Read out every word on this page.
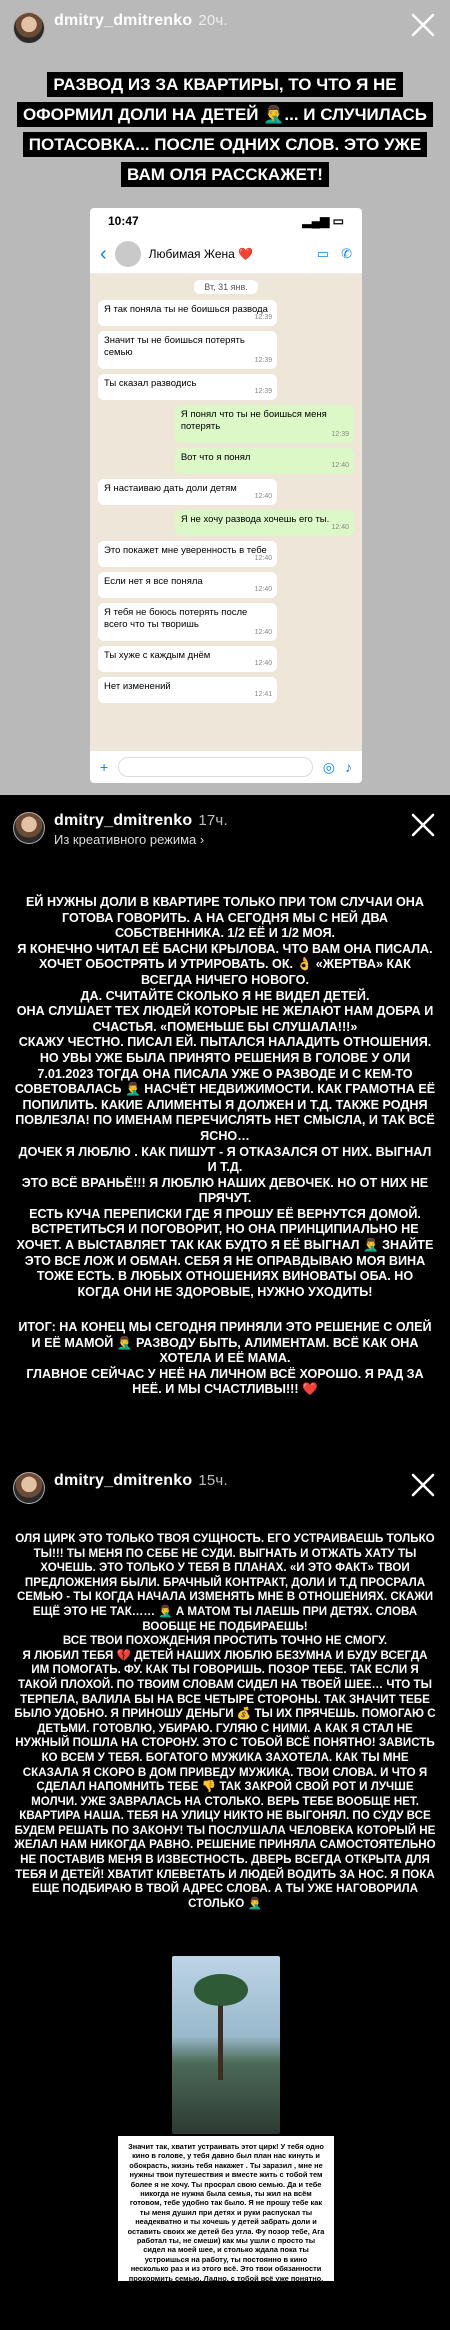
dmitry_dmitrenko 20ч.
РАЗВОД ИЗ ЗА КВАРТИРЫ, ТО ЧТО Я НЕ ОФОРМИЛ ДОЛИ НА ДЕТЕЙ 🤦‍♂️... И СЛУЧИЛАСЬ ПОТАСОВКА... ПОСЛЕ ОДНИХ СЛОВ. ЭТО УЖЕ ВАМ ОЛЯ РАССКАЖЕТ!
10:47	▂▄▆ ▭
‹	Любимая Жена ❤️	▭ ✆
Вт, 31 янв.
Я так поняла ты не боишься развода
12:39
Значит ты не боишься потерять семью
12:39
Ты сказал разводись
12:39
Я понял что ты не боишься меня потерять
12:39
Вот что я понял
12:40
Я настаиваю дать доли детям
12:40
Я не хочу развода хочешь его ты.
12:40
Это покажет мне уверенность в тебе
12:40
Если нет я все поняла
12:40
Я тебя не боюсь потерять после всего что ты творишь
12:40
Ты хуже с каждым днём
12:40
Нет изменений
12:41
+	◎ ♪
dmitry_dmitrenko 17ч.
Из креативного режима ›
ЕЙ НУЖНЫ ДОЛИ В КВАРТИРЕ ТОЛЬКО ПРИ ТОМ СЛУЧАИ ОНА ГОТОВА ГОВОРИТЬ. А НА СЕГОДНЯ МЫ С НЕЙ ДВА СОБСТВЕННИКА. 1/2 ЕЁ И 1/2 МОЯ.
Я КОНЕЧНО ЧИТАЛ ЕЁ БАСНИ КРЫЛОВА. ЧТО ВАМ ОНА ПИСАЛА. ХОЧЕТ ОБОСТРЯТЬ И УТРИРОВАТЬ. ОК. 👌 «ЖЕРТВА» КАК ВСЕГДА НИЧЕГО НОВОГО.
ДА. СЧИТАЙТЕ СКОЛЬКО Я НЕ ВИДЕЛ ДЕТЕЙ.
ОНА СЛУШАЕТ ТЕХ ЛЮДЕЙ КОТОРЫЕ НЕ ЖЕЛАЮТ НАМ ДОБРА И СЧАСТЬЯ. «ПОМЕНЬШЕ БЫ СЛУШАЛА!!!»
СКАЖУ ЧЕСТНО. ПИСАЛ ЕЙ. ПЫТАЛСЯ НАЛАДИТЬ ОТНОШЕНИЯ. НО УВЫ УЖЕ БЫЛА ПРИНЯТО РЕШЕНИЯ В ГОЛОВЕ У ОЛИ 7.01.2023 ТОГДА ОНА ПИСАЛА УЖЕ О РАЗВОДЕ И С КЕМ-ТО СОВЕТОВАЛАСЬ 🤦‍♂️ НАСЧЁТ НЕДВИЖИМОСТИ. КАК ГРАМОТНА ЕЁ ПОПИЛИТЬ. КАКИЕ АЛИМЕНТЫ Я ДОЛЖЕН И Т.Д. ТАКЖЕ РОДНЯ ПОВЛЕЗЛА! ПО ИМЕНАМ ПЕРЕЧИСЛЯТЬ НЕТ СМЫСЛА, И ТАК ВСЁ ЯСНО…
ДОЧЕК Я ЛЮБЛЮ . КАК ПИШУТ - Я ОТКАЗАЛСЯ ОТ НИХ. ВЫГНАЛ И Т.Д.
ЭТО ВСЁ ВРАНЬЁ!!! Я ЛЮБЛЮ НАШИХ ДЕВОЧЕК. НО ОТ НИХ НЕ ПРЯЧУТ.
ЕСТЬ КУЧА ПЕРЕПИСКИ ГДЕ Я ПРОШУ ЕЁ ВЕРНУТСЯ ДОМОЙ. ВСТРЕТИТЬСЯ И ПОГОВОРИТ, НО ОНА ПРИНЦИПИАЛЬНО НЕ ХОЧЕТ. А ВЫСТАВЛЯЕТ ТАК КАК БУДТО Я ЕЁ ВЫГНАЛ 🤦‍♂️ ЗНАЙТЕ ЭТО ВСЕ ЛОЖ И ОБМАН. СЕБЯ Я НЕ ОПРАВДЫВАЮ МОЯ ВИНА ТОЖЕ ЕСТЬ. В ЛЮБЫХ ОТНОШЕНИЯХ ВИНОВАТЫ ОБА. НО КОГДА ОНИ НЕ ЗДОРОВЫЕ, НУЖНО УХОДИТЬ!
ИТОГ: НА КОНЕЦ МЫ СЕГОДНЯ ПРИНЯЛИ ЭТО РЕШЕНИЕ С ОЛЕЙ И ЕЁ МАМОЙ 🤦‍♂️ РАЗВОДУ БЫТЬ, АЛИМЕНТАМ. ВСЁ КАК ОНА ХОТЕЛА И ЕЁ МАМА.
ГЛАВНОЕ СЕЙЧАС У НЕЁ НА ЛИЧНОМ ВСЁ ХОРОШО. Я РАД ЗА НЕЁ. И МЫ СЧАСТЛИВЫ!!! ❤️
dmitry_dmitrenko 15ч.
ОЛЯ ЦИРК ЭТО ТОЛЬКО ТВОЯ СУЩНОСТЬ. ЕГО УСТРАИВАЕШЬ ТОЛЬКО ТЫ!!! ТЫ МЕНЯ ПО СЕБЕ НЕ СУДИ. ВЫГНАТЬ И ОТЖАТЬ ХАТУ ТЫ ХОЧЕШЬ. ЭТО ТОЛЬКО У ТЕБЯ В ПЛАНАХ. «И ЭТО ФАКТ» ТВОИ ПРЕДЛОЖЕНИЯ БЫЛИ. БРАЧНЫЙ КОНТРАКТ, ДОЛИ И Т.Д ПРОСРАЛА СЕМЬЮ - ТЫ КОГДА НАЧАЛА ИЗМЕНЯТЬ МНЕ В ОТНОШЕНИЯХ. СКАЖИ ЕЩЁ ЭТО НЕ ТАК…… 🤦‍♂️ А МАТОМ ТЫ ЛАЕШЬ ПРИ ДЕТЯХ. СЛОВА ВООБЩЕ НЕ ПОДБИРАЕШЬ!
ВСЕ ТВОИ ПОХОЖДЕНИЯ ПРОСТИТЬ ТОЧНО НЕ СМОГУ.
Я ЛЮБИЛ ТЕБЯ 💔 ДЕТЕЙ НАШИХ ЛЮБЛЮ БЕЗУМНА И БУДУ ВСЕГДА ИМ ПОМОГАТЬ. ФУ. КАК ТЫ ГОВОРИШЬ. ПОЗОР ТЕБЕ. ТАК ЕСЛИ Я ТАКОЙ ПЛОХОЙ. ПО ТВОИМ СЛОВАМ СИДЕЛ НА ТВОЕЙ ШЕЕ… ЧТО ТЫ ТЕРПЕЛА, ВАЛИЛА БЫ НА ВСЕ ЧЕТЫРЕ СТОРОНЫ. ТАК ЗНАЧИТ ТЕБЕ БЫЛО УДОБНО. Я ПРИНОШУ ДЕНЬГИ 💰 ТЫ ИХ ПРЯЧЕШЬ. ПОМОГАЮ С ДЕТЬМИ. ГОТОВЛЮ, УБИРАЮ. ГУЛЯЮ С НИМИ. А КАК Я СТАЛ НЕ НУЖНЫЙ ПОШЛА НА СТОРОНУ. ЭТО С ТОБОЙ ВСЁ ПОНЯТНО! ЗАВИСТЬ КО ВСЕМ У ТЕБЯ. БОГАТОГО МУЖИКА ЗАХОТЕЛА. КАК ТЫ МНЕ СКАЗАЛА Я СКОРО В ДОМ ПРИВЕДУ МУЖИКА. ТВОИ СЛОВА. И ЧТО Я СДЕЛАЛ НАПОМНИТЬ ТЕБЕ 👎 ТАК ЗАКРОЙ СВОЙ РОТ И ЛУЧШЕ МОЛЧИ. УЖЕ ЗАВРАЛАСЬ НА СТОЛЬКО. ВЕРЬ ТЕБЕ ВООБЩЕ НЕТ. КВАРТИРА НАША. ТЕБЯ НА УЛИЦУ НИКТО НЕ ВЫГОНЯЛ. ПО СУДУ ВСЕ БУДЕМ РЕШАТЬ ПО ЗАКОНУ! ТЫ ПОСЛУШАЛА ЧЕЛОВЕКА КОТОРЫЙ НЕ ЖЕЛАЛ НАМ НИКОГДА РАВНО. РЕШЕНИЕ ПРИНЯЛА САМОСТОЯТЕЛЬНО НЕ ПОСТАВИВ МЕНЯ В ИЗВЕСТНОСТЬ. ДВЕРЬ ВСЕГДА ОТКРЫТА ДЛЯ ТЕБЯ И ДЕТЕЙ! ХВАТИТ КЛЕВЕТАТЬ И ЛЮДЕЙ ВОДИТЬ ЗА НОС. Я ПОКА ЕЩЕ ПОДБИРАЮ В ТВОЙ АДРЕС СЛОВА. А ТЫ УЖЕ НАГОВОРИЛА СТОЛЬКО 🤦‍♂️
Значит так, хватит устраивать этот цирк! У тебя одно кино в голове, у тебя давно был план нас кинуть и обокрасть, жизнь тебя накажет . Ты заразил , мне не нужны твои путешествия и вместе жить с тобой тем более я не хочу. Ты просрал свою семью. Да и тебе никогда не нужна была семья, ты жил на всём готовом, тебе удобно так было. Я не прошу тебе как ты меня душил при детях и руки распускал ты неадекватно и ты хочешь у детей забрать доли и оставить своих же детей без угла. Фу позор тебе, Ага работал ты, не смеши) как мы ушли с просто ты сидел на моей шее, и столько ждала пока ты устроишься на работу, ты постоянно в кино несколько раз и из этого всё. Это твои обязанности прокормить семью. Ладно, с тобой всё уже понятно. Ты страшно подлый человек. Дима оставь нас в покое и освободи квартиру, будь Мужчиной, дочки должны жить дома с мамой, у них там своя детская комната. Я не тебе за детей не прошу. Хватит себя так вести. Остановись.
